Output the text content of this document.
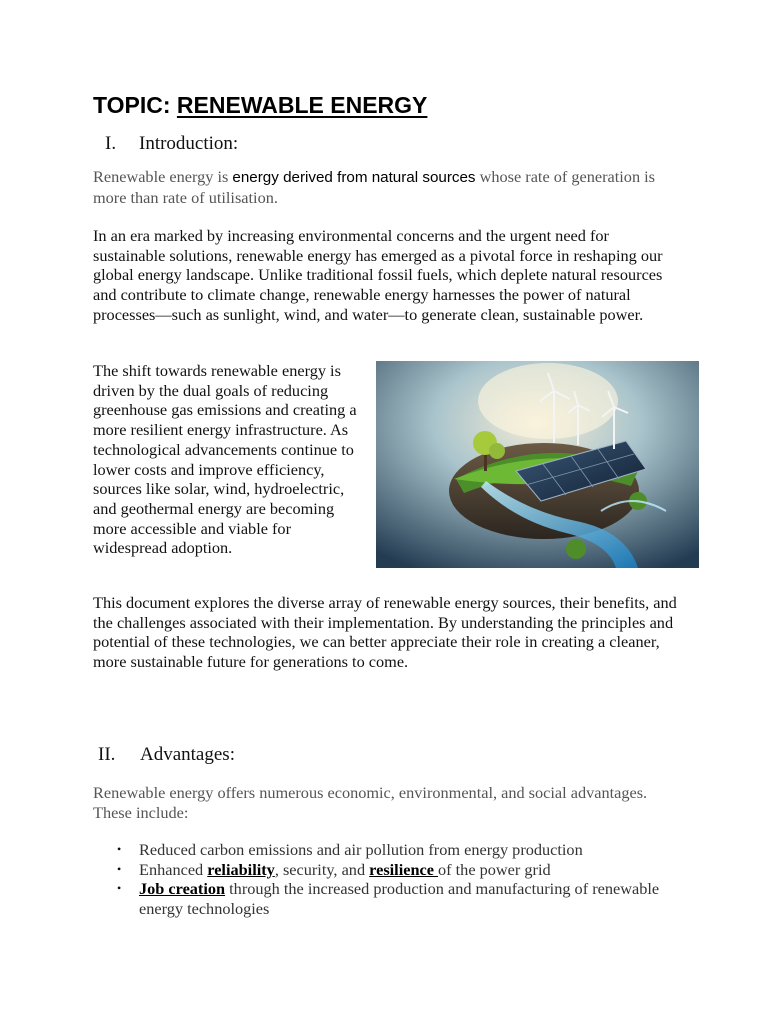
TOPIC: RENEWABLE ENERGY
I. Introduction:

Renewable energy is energy derived from natural sources whose rate of generation is more than rate of utilisation.

In an era marked by increasing environmental concerns and the urgent need for sustainable solutions, renewable energy has emerged as a pivotal force in reshaping our global energy landscape. Unlike traditional fossil fuels, which deplete natural resources and contribute to climate change, renewable energy harnesses the power of natural processes—such as sunlight, wind, and water—to generate clean, sustainable power.

The shift towards renewable energy is driven by the dual goals of reducing greenhouse gas emissions and creating a more resilient energy infrastructure. As technological advancements continue to lower costs and improve efficiency, sources like solar, wind, hydroelectric, and geothermal energy are becoming more accessible and viable for widespread adoption.

This document explores the diverse array of renewable energy sources, their benefits, and the challenges associated with their implementation. By understanding the principles and potential of these technologies, we can better appreciate their role in creating a cleaner, more sustainable future for generations to come.

II. Advantages:

Renewable energy offers numerous economic, environmental, and social advantages. These include:

• Reduced carbon emissions and air pollution from energy production
• Enhanced reliability, security, and resilience of the power grid
• Job creation through the increased production and manufacturing of renewable energy technologies
